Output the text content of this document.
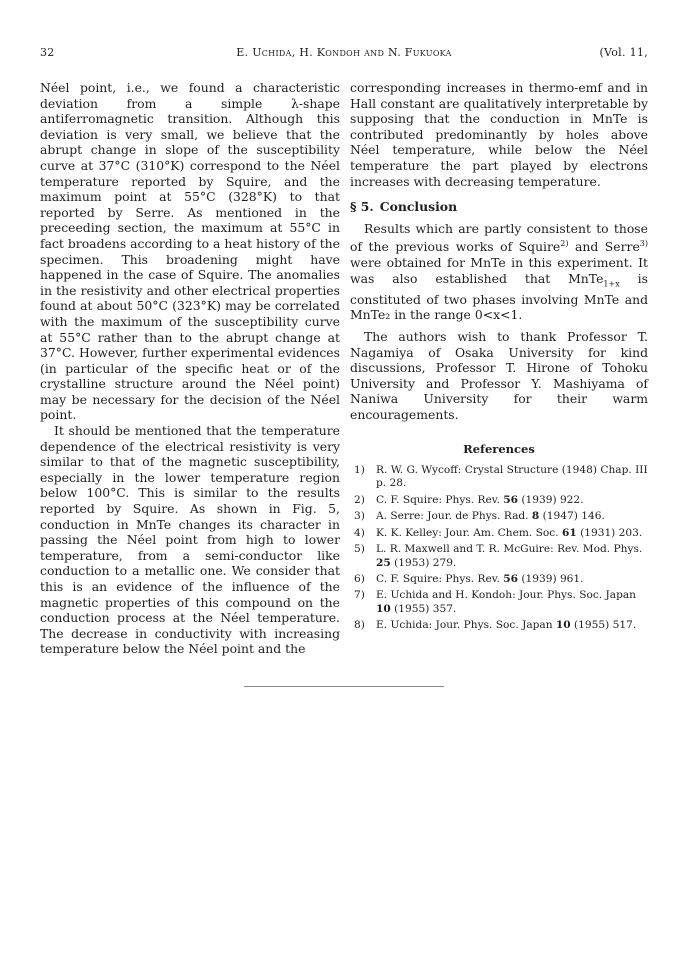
32	E. Uchida, H. Kondoh and N. Fukuoka	(Vol. 11,

Néel point, i.e., we found a characteristic deviation from a simple λ-shape antiferromagnetic transition. Although this deviation is very small, we believe that the abrupt change in slope of the susceptibility curve at 37°C (310°K) correspond to the Néel temperature reported by Squire, and the maximum point at 55°C (328°K) to that reported by Serre. As mentioned in the preceeding section, the maximum at 55°C in fact broadens according to a heat history of the specimen. This broadening might have happened in the case of Squire. The anomalies in the resistivity and other electrical properties found at about 50°C (323°K) may be correlated with the maximum of the susceptibility curve at 55°C rather than to the abrupt change at 37°C. However, further experimental evidences (in particular of the specific heat or of the crystalline structure around the Néel point) may be necessary for the decision of the Néel point.

It should be mentioned that the temperature dependence of the electrical resistivity is very similar to that of the magnetic susceptibility, especially in the lower temperature region below 100°C. This is similar to the results reported by Squire. As shown in Fig. 5, conduction in MnTe changes its character in passing the Néel point from high to lower temperature, from a semi-conductor like conduction to a metallic one. We consider that this is an evidence of the influence of the magnetic properties of this compound on the conduction process at the Néel temperature. The decrease in conductivity with increasing temperature below the Néel point and the

corresponding increases in thermo-emf and in Hall constant are qualitatively interpretable by supposing that the conduction in MnTe is contributed predominantly by holes above Néel temperature, while below the Néel temperature the part played by electrons increases with decreasing temperature.

§ 5. Conclusion

Results which are partly consistent to those of the previous works of Squire$^{2)}$ and Serre$^{3)}$ were obtained for MnTe in this experiment. It was also established that MnTe$_{1+x}$ is constituted of two phases involving MnTe and MnTe₂ in the range 0<x<1.

The authors wish to thank Professor T. Nagamiya of Osaka University for kind discussions, Professor T. Hirone of Tohoku University and Professor Y. Mashiyama of Naniwa University for their warm encouragements.

References
1) R. W. G. Wycoff: Crystal Structure (1948) Chap. III p. 28.
2) C. F. Squire: Phys. Rev. 56 (1939) 922.
3) A. Serre: Jour. de Phys. Rad. 8 (1947) 146.
4) K. K. Kelley: Jour. Am. Chem. Soc. 61 (1931) 203.
5) L. R. Maxwell and T. R. McGuire: Rev. Mod. Phys. 25 (1953) 279.
6) C. F. Squire: Phys. Rev. 56 (1939) 961.
7) E. Uchida and H. Kondoh: Jour. Phys. Soc. Japan 10 (1955) 357.
8) E. Uchida: Jour. Phys. Soc. Japan 10 (1955) 517.
